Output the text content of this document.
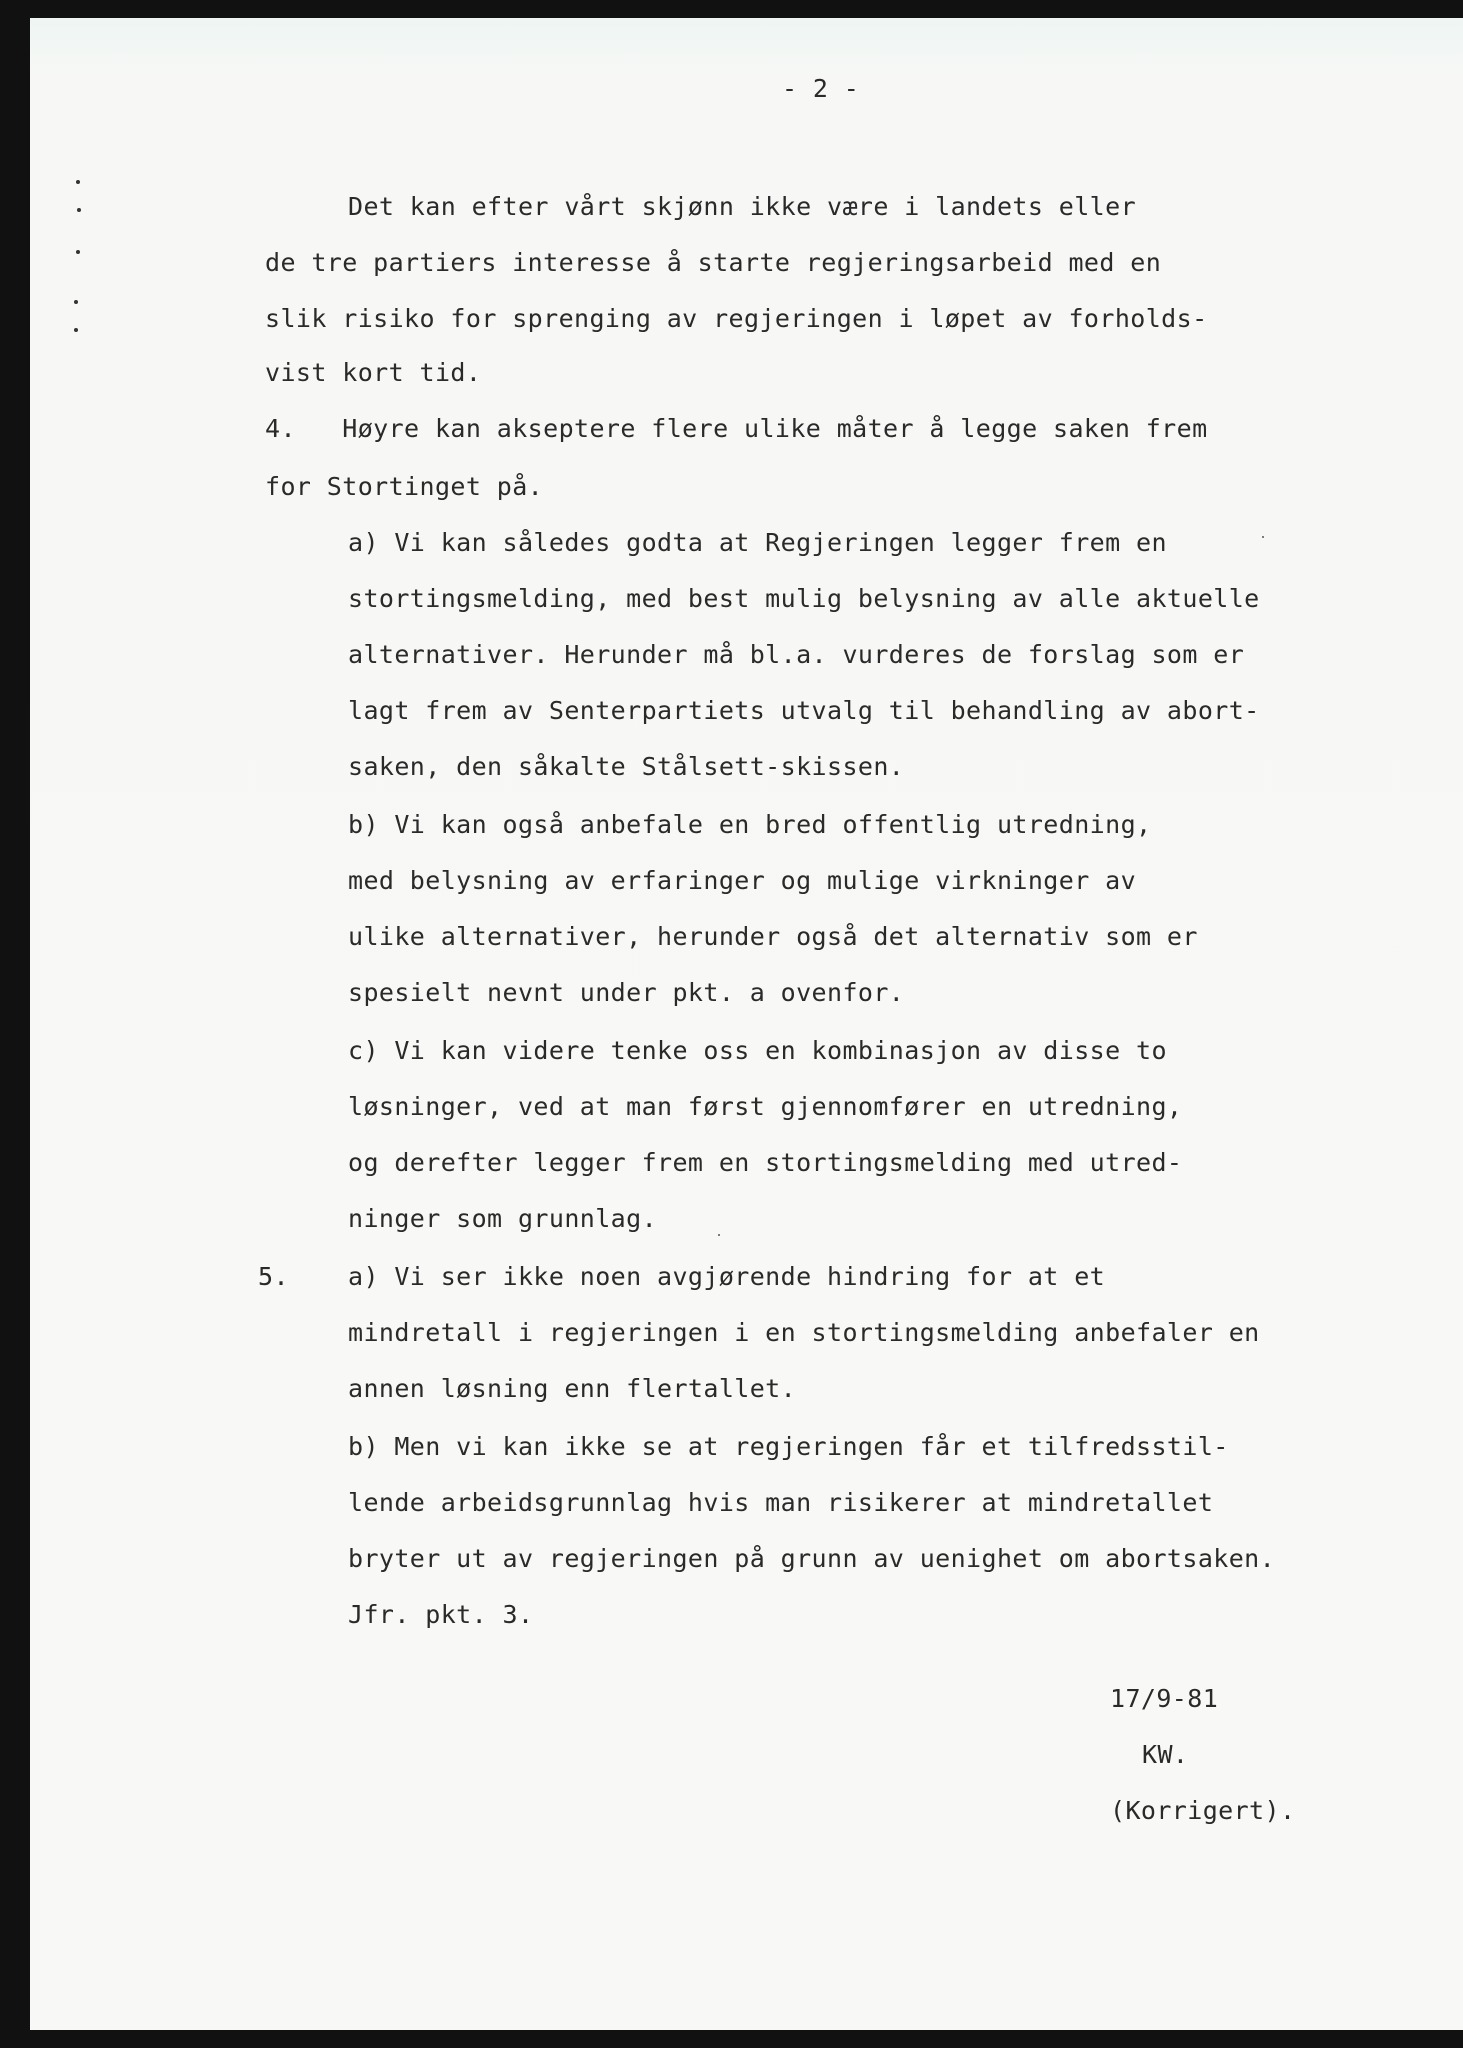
- 2 -
Det kan efter vårt skjønn ikke være i landets eller
de tre partiers interesse å starte regjeringsarbeid med en
slik risiko for sprenging av regjeringen i løpet av forholds-
vist kort tid.
4.   Høyre kan akseptere flere ulike måter å legge saken frem
for Stortinget på.
a) Vi kan således godta at Regjeringen legger frem en
stortingsmelding, med best mulig belysning av alle aktuelle
alternativer. Herunder må bl.a. vurderes de forslag som er
lagt frem av Senterpartiets utvalg til behandling av abort-
saken, den såkalte Stålsett-skissen.
b) Vi kan også anbefale en bred offentlig utredning,
med belysning av erfaringer og mulige virkninger av
ulike alternativer, herunder også det alternativ som er
spesielt nevnt under pkt. a ovenfor.
c) Vi kan videre tenke oss en kombinasjon av disse to
løsninger, ved at man først gjennomfører en utredning,
og derefter legger frem en stortingsmelding med utred-
ninger som grunnlag.
5. a) Vi ser ikke noen avgjørende hindring for at et
mindretall i regjeringen i en stortingsmelding anbefaler en
annen løsning enn flertallet.
b) Men vi kan ikke se at regjeringen får et tilfredsstil-
lende arbeidsgrunnlag hvis man risikerer at mindretallet
bryter ut av regjeringen på grunn av uenighet om abortsaken.
Jfr. pkt. 3.
17/9-81
KW.
(Korrigert).
